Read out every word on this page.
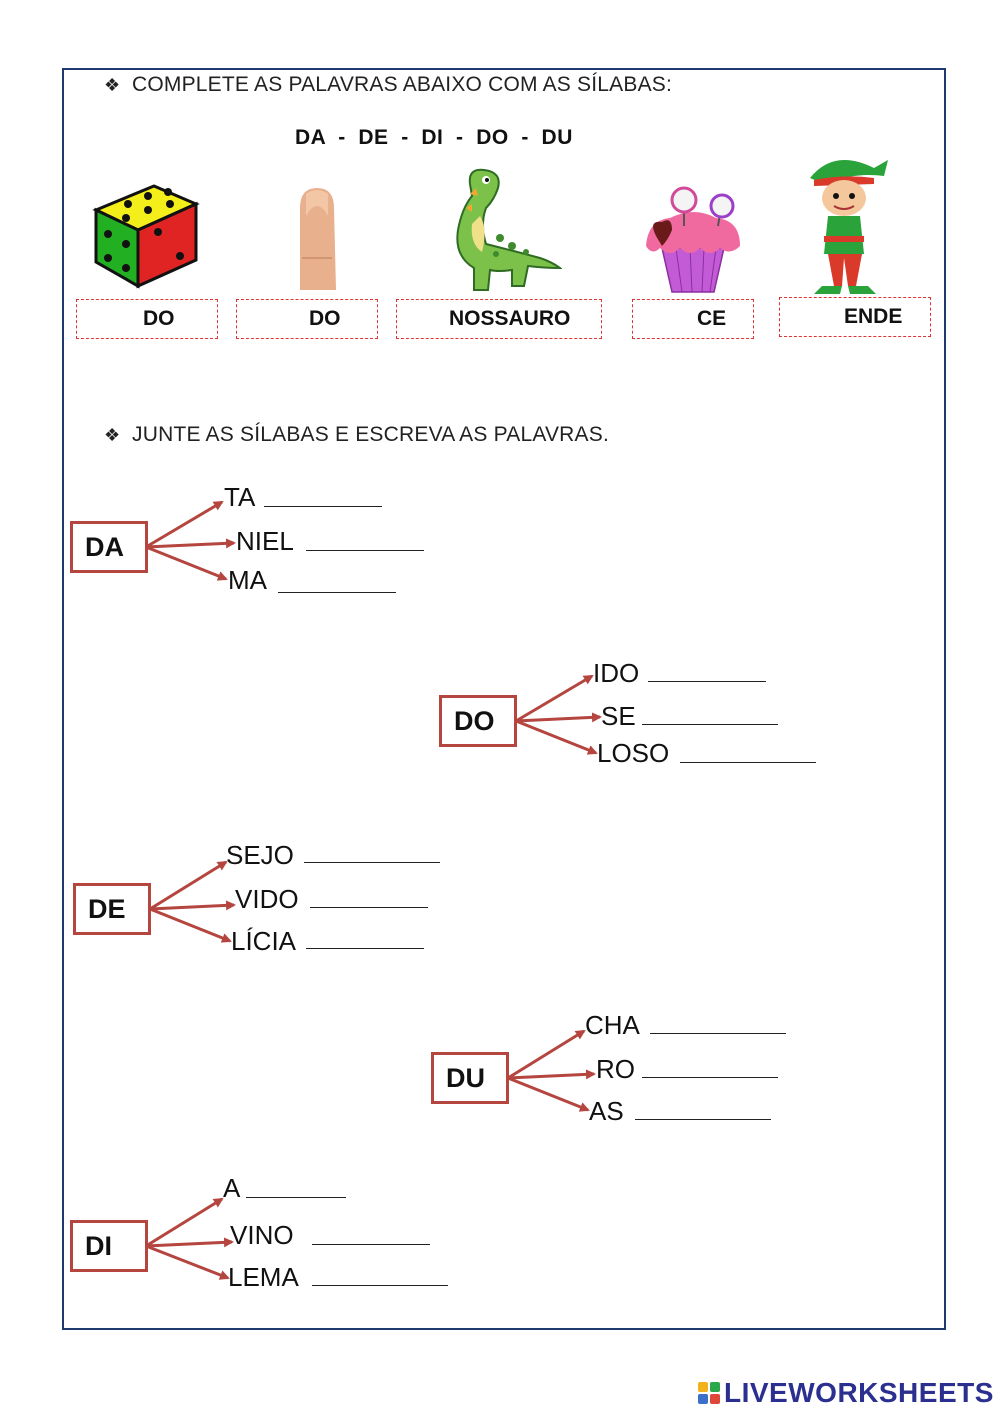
❖ COMPLETE AS PALAVRAS ABAIXO COM AS SÍLABAS:
DA  -  DE  -  DI  -  DO  -  DU
DO	DO	NOSSAURO	CE	ENDE
❖ JUNTE AS SÍLABAS E ESCREVA AS PALAVRAS.
DA
TA
NIEL
MA
DO
IDO
SE
LOSO
DE
SEJO
VIDO
LÍCIA
DU
CHA
RO
AS
DI
A
VINO
LEMA
LIVEWORKSHEETS
